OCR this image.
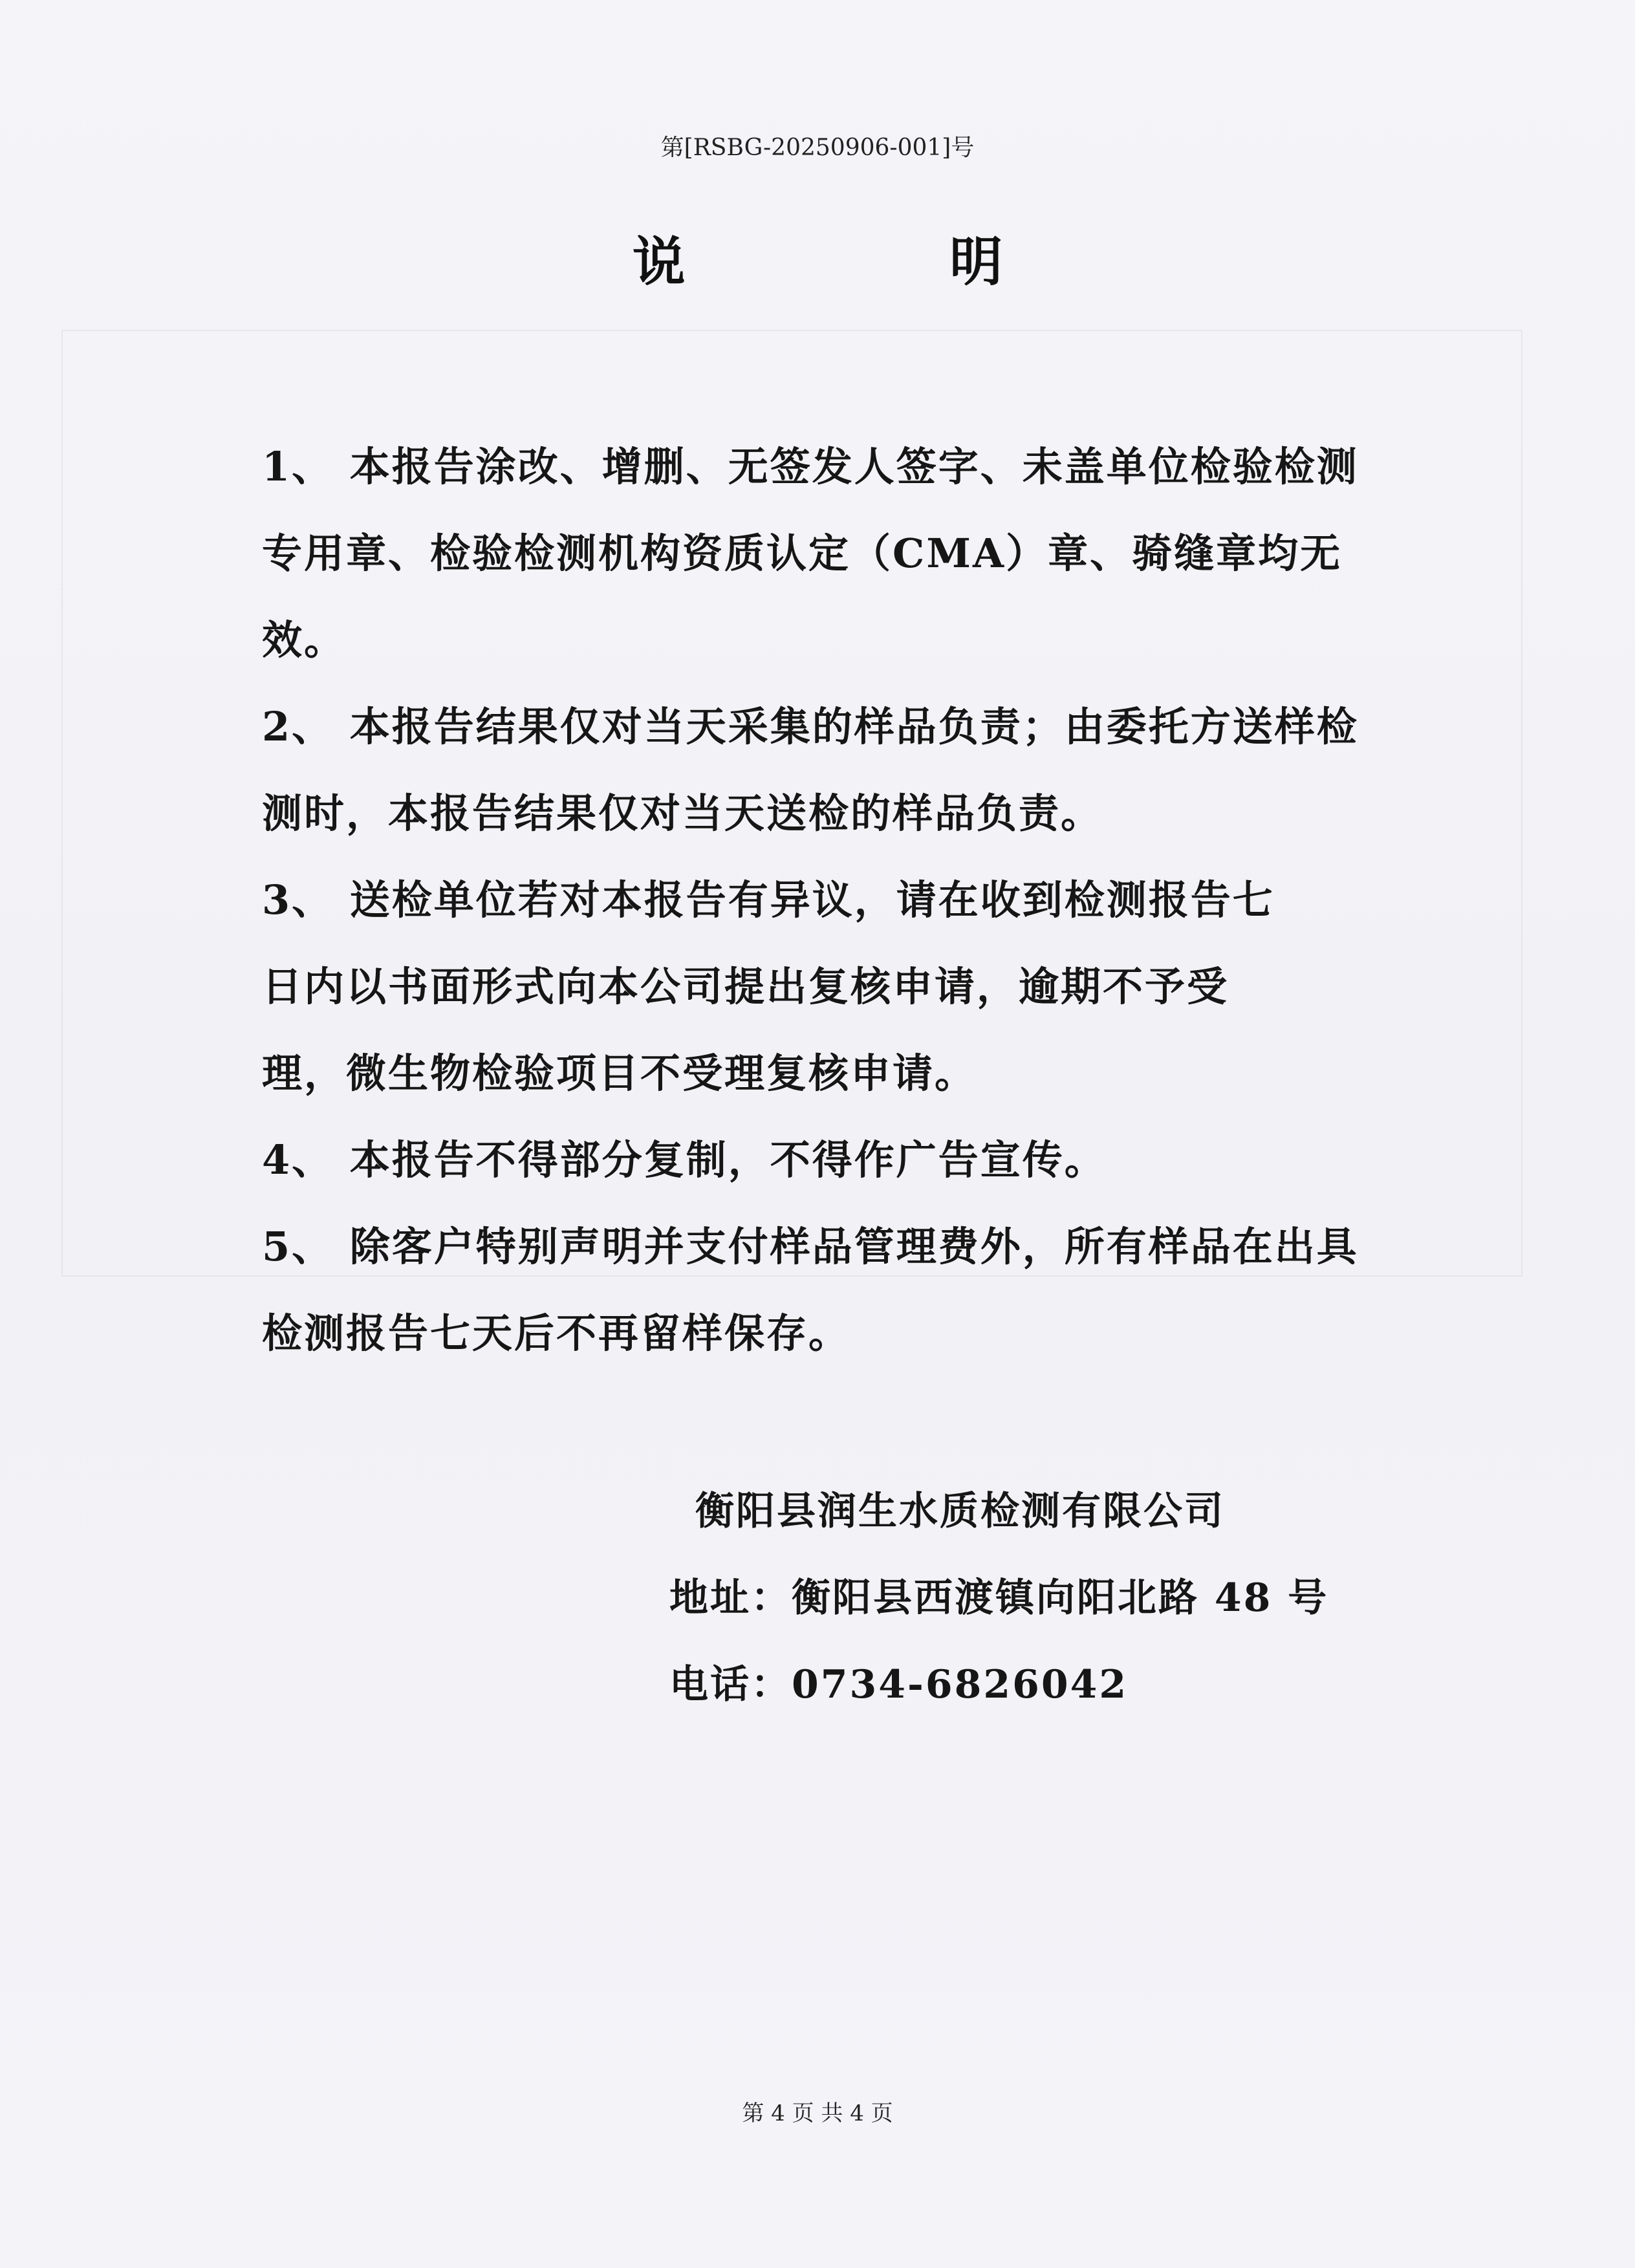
第[RSBG-20250906-001]号
说 明

1、 本报告涂改、增删、无签发人签字、未盖单位检验检测专用章、检验检测机构资质认定（CMA）章、骑缝章均无效。

2、 本报告结果仅对当天采集的样品负责；由委托方送样检测时，本报告结果仅对当天送检的样品负责。

3、 送检单位若对本报告有异议，请在收到检测报告七日内以书面形式向本公司提出复核申请，逾期不予受理，微生物检验项目不受理复核申请。

4、 本报告不得部分复制，不得作广告宣传。

5、 除客户特别声明并支付样品管理费外，所有样品在出具检测报告七天后不再留样保存。

衡阳县润生水质检测有限公司
地址：衡阳县西渡镇向阳北路 48 号
电话：0734-6826042
第 4 页 共 4 页
